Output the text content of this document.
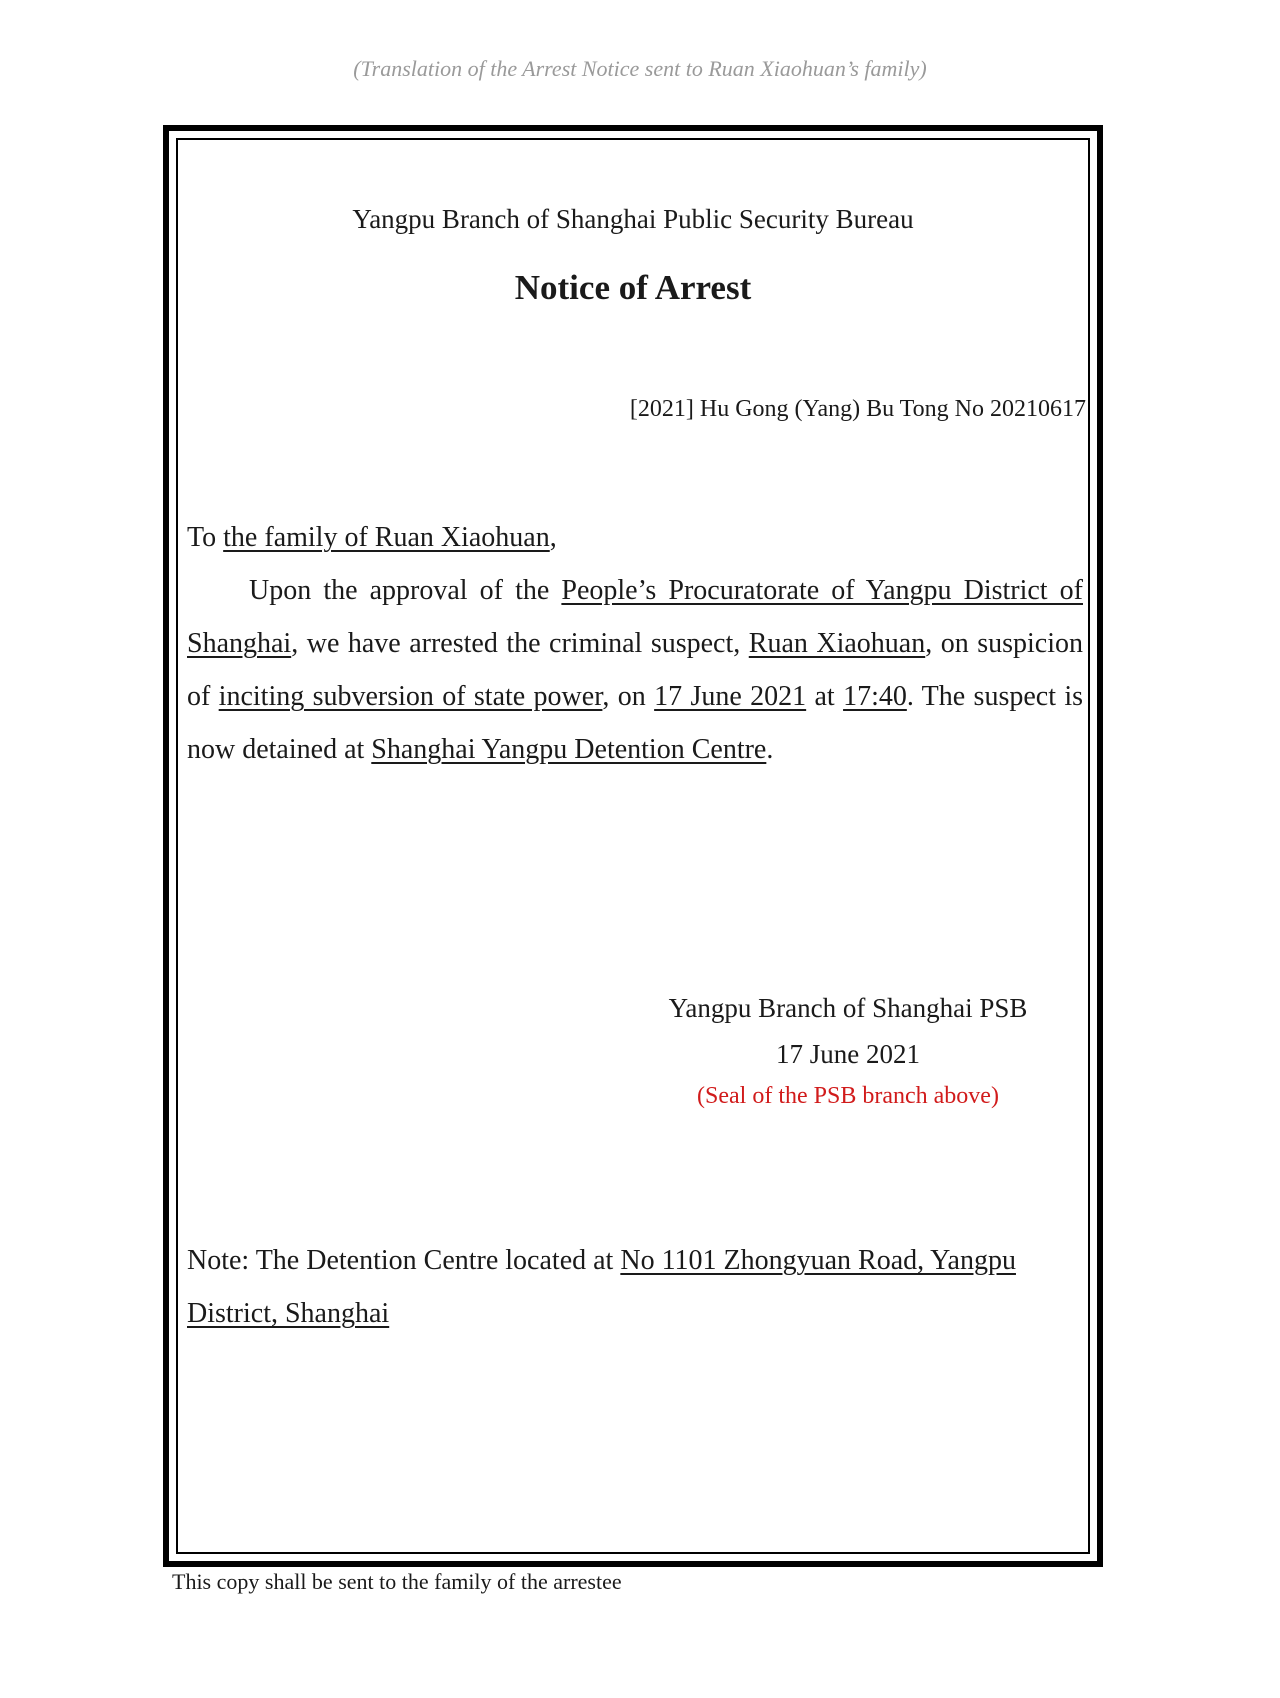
(Translation of the Arrest Notice sent to Ruan Xiaohuan’s family)
Yangpu Branch of Shanghai Public Security Bureau
Notice of Arrest
[2021] Hu Gong (Yang) Bu Tong No 20210617

To the family of Ruan Xiaohuan,

Upon the approval of the People’s Procuratorate of Yangpu District of Shanghai, we have arrested the criminal suspect, Ruan Xiaohuan, on suspicion of inciting subversion of state power, on 17 June 2021 at 17:40. The suspect is now detained at Shanghai Yangpu Detention Centre.

Yangpu Branch of Shanghai PSB
17 June 2021
(Seal of the PSB branch above)
Note: The Detention Centre located at No 1101 Zhongyuan Road, Yangpu District, Shanghai
This copy shall be sent to the family of the arrestee
